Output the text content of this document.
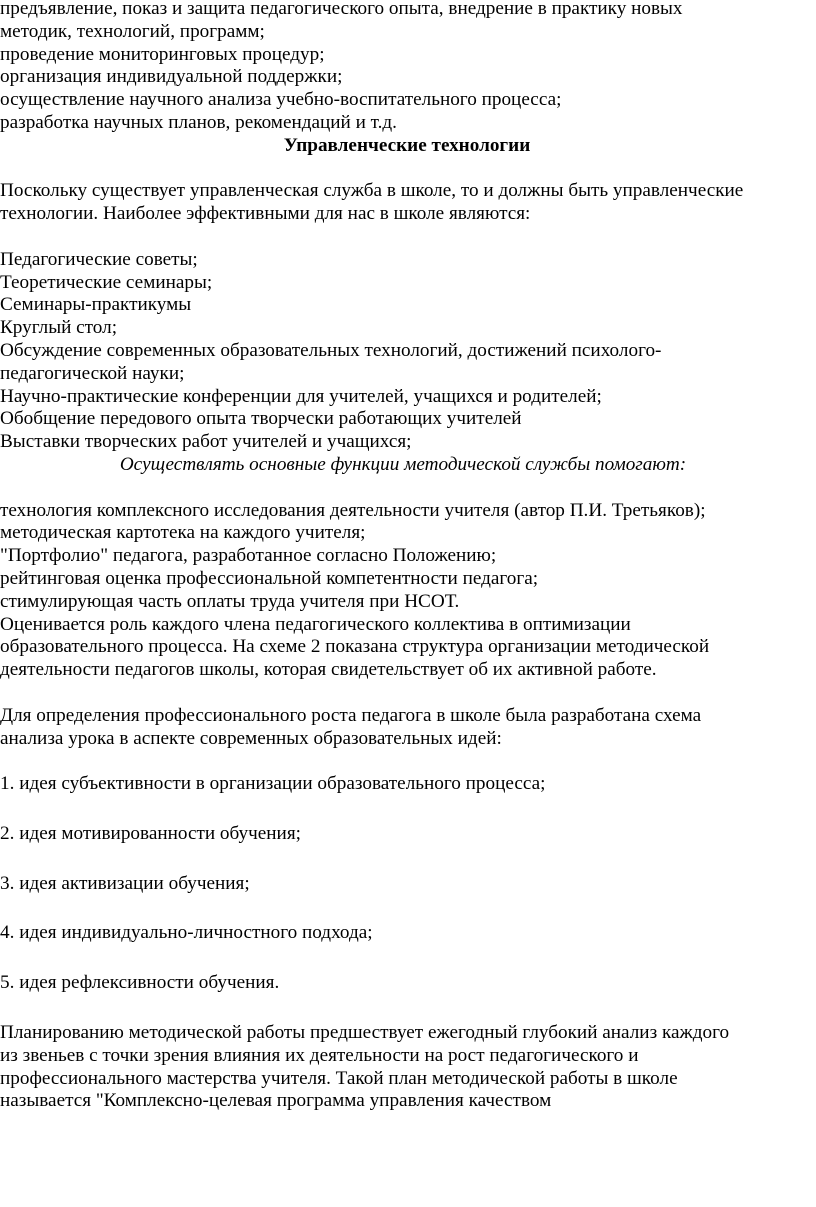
предъявление, показ и защита педагогического опыта, внедрение в практику новых
методик, технологий, программ;
проведение мониторинговых процедур;
организация индивидуальной поддержки;
осуществление научного анализа учебно-воспитательного процесса;
разработка научных планов, рекомендаций и т.д.
Управленческие технологии
Поскольку существует управленческая служба в школе, то и должны быть управленческие
технологии. Наиболее эффективными для нас в школе являются:
Педагогические советы;
Теоретические семинары;
Семинары-практикумы
Круглый стол;
Обсуждение современных образовательных технологий, достижений психолого-
педагогической науки;
Научно-практические конференции для учителей, учащихся и родителей;
Обобщение передового опыта творчески работающих учителей
Выставки творческих работ учителей и учащихся;
Осуществлять основные функции методической службы помогают:
технология комплексного исследования деятельности учителя (автор П.И. Третьяков);
методическая картотека на каждого учителя;
"Портфолио" педагога, разработанное согласно Положению;
рейтинговая оценка профессиональной компетентности педагога;
стимулирующая часть оплаты труда учителя при НСОТ.
Оценивается роль каждого члена педагогического коллектива в оптимизации
образовательного процесса. На схеме 2 показана структура организации методической
деятельности педагогов школы, которая свидетельствует об их активной работе.
Для определения профессионального роста педагога в школе была разработана схема
анализа урока в аспекте современных образовательных идей:
1. идея субъективности в организации образовательного процесса;
2. идея мотивированности обучения;
3. идея активизации обучения;
4. идея индивидуально-личностного подхода;
5. идея рефлексивности обучения.
Планированию методической работы предшествует ежегодный глубокий анализ каждого
из звеньев с точки зрения влияния их деятельности на рост педагогического и
профессионального мастерства учителя. Такой план методической работы в школе
называется "Комплексно-целевая программа управления качеством
